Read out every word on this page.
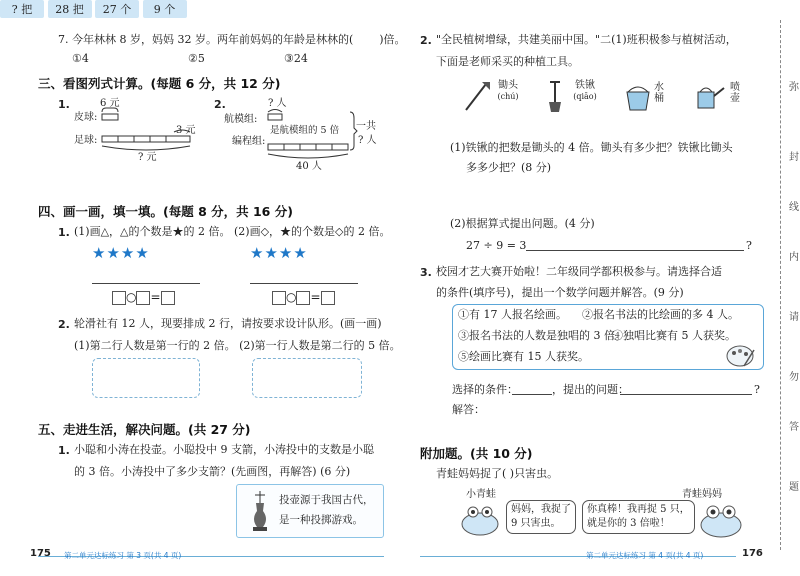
7. 今年林林 8 岁，妈妈 32 岁。两年前妈妈的年龄是林林的( )倍。
①4	②5	③24
三、看图列式计算。(每题 6 分，共 12 分)
1.	6 元
皮球:
足球:
3 元
? 元
2.	? 人
航模组:
编程组:
是航模组的 5 倍 一共
? 人
40 人
四、画一画，填一填。(每题 8 分，共 16 分)
1. (1)画△，△的个数是★的 2 倍。 (2)画◇，★的个数是◇的 2 倍。
★★★★	★★★★
○ =	○ =
2. 轮滑社有 12 人，现要排成 2 行，请按要求设计队形。(画一画)
(1)第二行人数是第一行的 2 倍。 (2)第一行人数是第二行的 5 倍。
五、走进生活，解决问题。(共 27 分)
1. 小聪和小涛在投壶。小聪投中 9 支箭，小涛投中的支数是小聪
的 3 倍。小涛投中了多少支箭？(先画图，再解答) (6 分)
投壶源于我国古代，
是一种投掷游戏。
175 第二单元达标练习 第 3 页(共 4 页)
2. "全民植树增绿，共建美丽中国。"二(1)班积极参与植树活动，
下面是老师采买的种植工具。
锄头
(chú)
? 把
铁锹
(qiāo)
28 把
水桶
27 个
喷壶
9 个
(1)铁锹的把数是锄头的 4 倍。锄头有多少把？铁锹比锄头
多多少把？(8 分)
(2)根据算式提出问题。(4 分)
27 ÷ 9 = 3	?
3. 校园才艺大赛开始啦！二年级同学都积极参与。请选择合适
的条件(填序号)，提出一个数学问题并解答。(9 分)
①有 17 人报名绘画。 ②报名书法的比绘画的多 4 人。
③报名书法的人数是独唱的 3 倍。
④独唱比赛有 5 人获奖。
⑤绘画比赛有 15 人获奖。
选择的条件：	，提出的问题：	?
解答：
附加题。(共 10 分)
青蛙妈妈捉了( )只害虫。
小青蛙	青蛙妈妈
妈妈，我捉了
9 只害虫。
你真棒！我再捉 5 只，
就是你的 3 倍啦！
第二单元达标练习 第 4 页(共 4 页)	176
弥
封
线
内
请
勿
答
题
